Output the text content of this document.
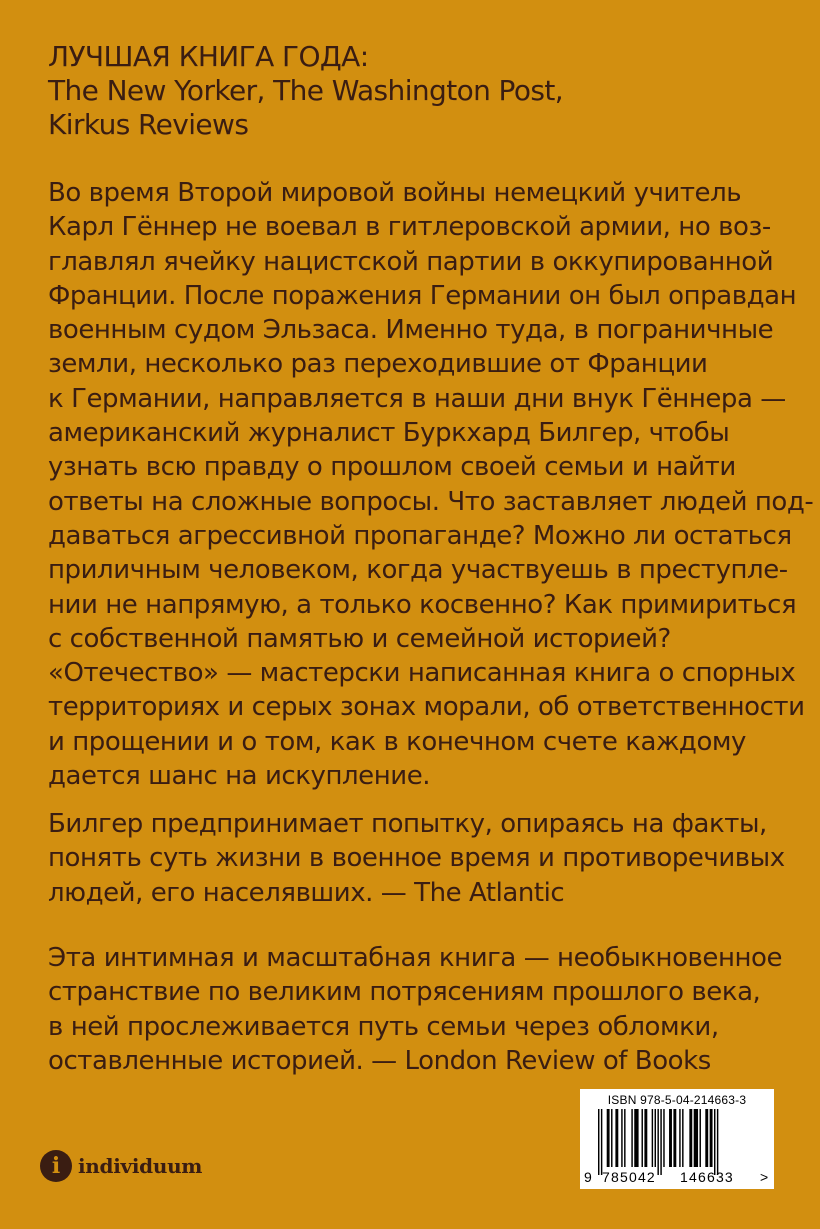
ЛУЧШАЯ КНИГА ГОДА:
The New Yorker, The Washington Post,
Kirkus Reviews
Во время Второй мировой войны немецкий учитель
Карл Гённер не воевал в гитлеровской армии, но воз-
главлял ячейку нацистской партии в оккупированной
Франции. После поражения Германии он был оправдан
военным судом Эльзаса. Именно туда, в пограничные
земли, несколько раз переходившие от Франции
к Германии, направляется в наши дни внук Гённера —
американский журналист Буркхард Билгер, чтобы
узнать всю правду о прошлом своей семьи и найти
ответы на сложные вопросы. Что заставляет людей под-
даваться агрессивной пропаганде? Можно ли остаться
приличным человеком, когда участвуешь в преступле-
нии не напрямую, а только косвенно? Как примириться
с собственной памятью и семейной историей?
«Отечество» — мастерски написанная книга о спорных
территориях и серых зонах морали, об ответственности
и прощении и о том, как в конечном счете каждому
дается шанс на искупление.
Билгер предпринимает попытку, опираясь на факты,
понять суть жизни в военное время и противоречивых
людей, его населявших. — The Atlantic
Эта интимная и масштабная книга — необыкновенное
странствие по великим потрясениям прошлого века,
в ней прослеживается путь семьи через обломки,
оставленные историей. — London Review of Books
i individuum
ISBN 978-5-04-214663-3
9 785042 146633 >
